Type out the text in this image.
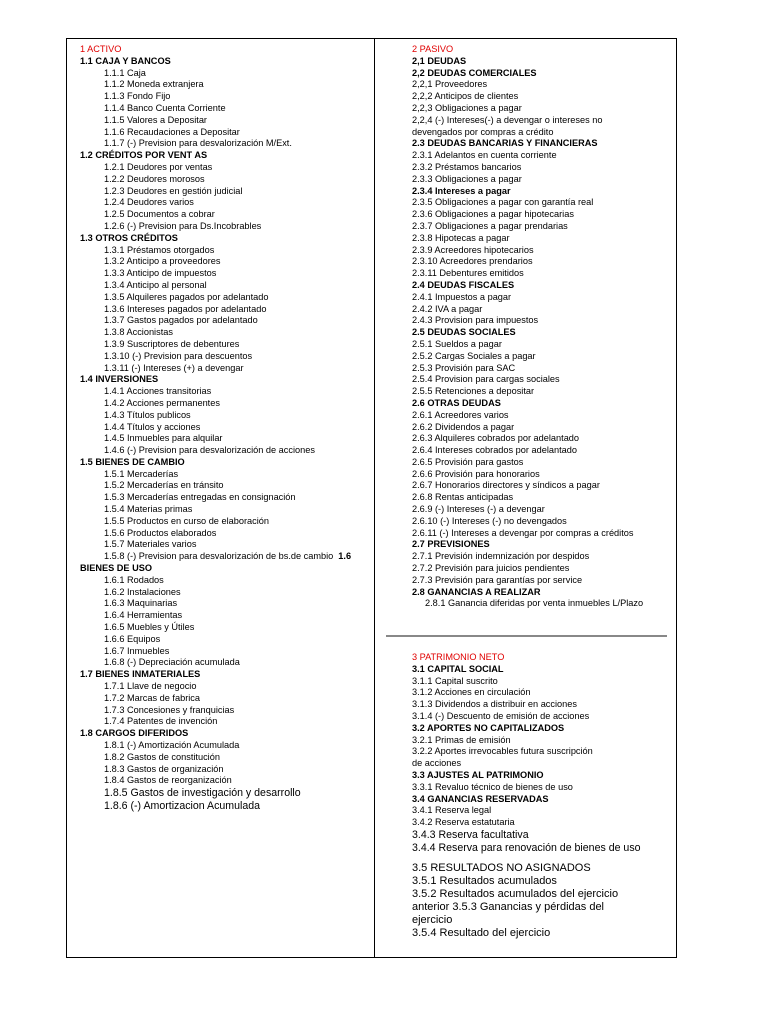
1 ACTIVO
1.1 CAJA Y BANCOS
1.1.1 Caja
1.1.2 Moneda extranjera
1.1.3 Fondo Fijo
1.1.4 Banco Cuenta Corriente
1.1.5 Valores a Depositar
1.1.6 Recaudaciones a Depositar
1.1.7 (-) Prevision para desvalorización M/Ext.
1.2 CRÉDITOS POR VENT AS
1.2.1 Deudores por ventas
1.2.2 Deudores morosos
1.2.3 Deudores en gestión judicial
1.2.4 Deudores varios
1.2.5 Documentos a cobrar
1.2.6 (-) Prevision para Ds.Incobrables
1.3 OTROS CRÉDITOS
1.3.1 Préstamos otorgados
1.3.2 Anticipo a proveedores
1.3.3 Anticipo de impuestos
1.3.4 Anticipo al personal
1.3.5 Alquileres pagados por adelantado
1.3.6 Intereses pagados por adelantado
1.3.7 Gastos pagados por adelantado
1.3.8 Accionistas
1.3.9 Suscriptores de debentures
1.3.10 (-) Prevision para descuentos
1.3.11 (-) Intereses (+) a devengar
1.4 INVERSIONES
1.4.1 Acciones transitorias
1.4.2 Acciones permanentes
1.4.3 Títulos publicos
1.4.4 Títulos y acciones
1.4.5 Inmuebles para alquilar
1.4.6 (-) Prevision para desvalorización de acciones
1.5 BIENES DE CAMBIO
1.5.1 Mercaderías
1.5.2 Mercaderías en tránsito
1.5.3 Mercaderías entregadas en consignación
1.5.4 Materias primas
1.5.5 Productos en curso de elaboración
1.5.6 Productos elaborados
1.5.7 Materiales varios
1.5.8 (-) Prevision para desvalorización de bs.de cambio 1.6
BIENES DE USO
1.6.1 Rodados
1.6.2 Instalaciones
1.6.3 Maquinarias
1.6.4 Herramientas
1.6.5 Muebles y Útiles
1.6.6 Equipos
1.6.7 Inmuebles
1.6.8 (-) Depreciación acumulada
1.7 BIENES INMATERIALES
1.7.1 Llave de negocio
1.7.2 Marcas de fabrica
1.7.3 Concesiones y franquicias
1.7.4 Patentes de invención
1.8 CARGOS DIFERIDOS
1.8.1 (-) Amortización Acumulada
1.8.2 Gastos de constitución
1.8.3 Gastos de organización
1.8.4 Gastos de reorganización
1.8.5 Gastos de investigación y desarrollo
1.8.6 (-) Amortizacion Acumulada
2 PASIVO
2,1 DEUDAS
2,2 DEUDAS COMERCIALES
2,2,1 Proveedores
2,2,2 Anticipos de clientes
2,2,3 Obligaciones a pagar
2,2,4 (-) Intereses(-) a devengar o intereses no
devengados por compras a crédito
2.3 DEUDAS BANCARIAS Y FINANCIERAS
2.3.1 Adelantos en cuenta corriente
2.3.2 Préstamos bancarios
2.3.3 Obligaciones a pagar
2.3.4 Intereses a pagar
2.3.5 Obligaciones a pagar con garantía real
2.3.6 Obligaciones a pagar hipotecarias
2.3.7 Obligaciones a pagar prendarias
2.3.8 Hipotecas a pagar
2.3.9 Acreedores hipotecarios
2.3.10 Acreedores prendarios
2.3.11 Debentures emitidos
2.4 DEUDAS FISCALES
2.4.1 Impuestos a pagar
2.4.2 IVA a pagar
2.4.3 Provision para impuestos
2.5 DEUDAS SOCIALES
2.5.1 Sueldos a pagar
2.5.2 Cargas Sociales a pagar
2.5.3 Provisión para SAC
2.5.4 Provision para cargas sociales
2.5.5 Retenciones a depositar
2.6 OTRAS DEUDAS
2.6.1 Acreedores varios
2.6.2 Dividendos a pagar
2.6.3 Alquileres cobrados por adelantado
2.6.4 Intereses cobrados por adelantado
2.6.5 Provisión para gastos
2.6.6 Provisión para honorarios
2.6.7 Honorarios directores y síndicos a pagar
2.6.8 Rentas anticipadas
2.6.9 (-) Intereses (-) a devengar
2.6.10 (-) Intereses (-) no devengados
2.6.11 (-) Intereses a devengar por compras a créditos
2.7 PREVISIONES
2.7.1 Previsión indemnización por despidos
2.7.2 Previsión para juicios pendientes
2.7.3 Previsión para garantías por service
2.8 GANANCIAS A REALIZAR
2.8.1 Ganancia diferidas por venta inmuebles L/Plazo
3 PATRIMONIO NETO
3.1 CAPITAL SOCIAL
3.1.1 Capital suscrito
3.1.2 Acciones en circulación
3.1.3 Dividendos a distribuir en acciones
3.1.4 (-) Descuento de emisión de acciones
3.2 APORTES NO CAPITALIZADOS
3.2.1 Primas de emisión
3.2.2 Aportes irrevocables futura suscripción
de acciones
3.3 AJUSTES AL PATRIMONIO
3.3.1 Revaluo técnico de bienes de uso
3.4 GANANCIAS RESERVADAS
3.4.1 Reserva legal
3.4.2 Reserva estatutaria
3.4.3 Reserva facultativa
3.4.4 Reserva para renovación de bienes de uso
3.5 RESULTADOS NO ASIGNADOS
3.5.1 Resultados acumulados
3.5.2 Resultados acumulados del ejercicio
anterior 3.5.3 Ganancias y pérdidas del
ejercicio
3.5.4 Resultado del ejercicio
